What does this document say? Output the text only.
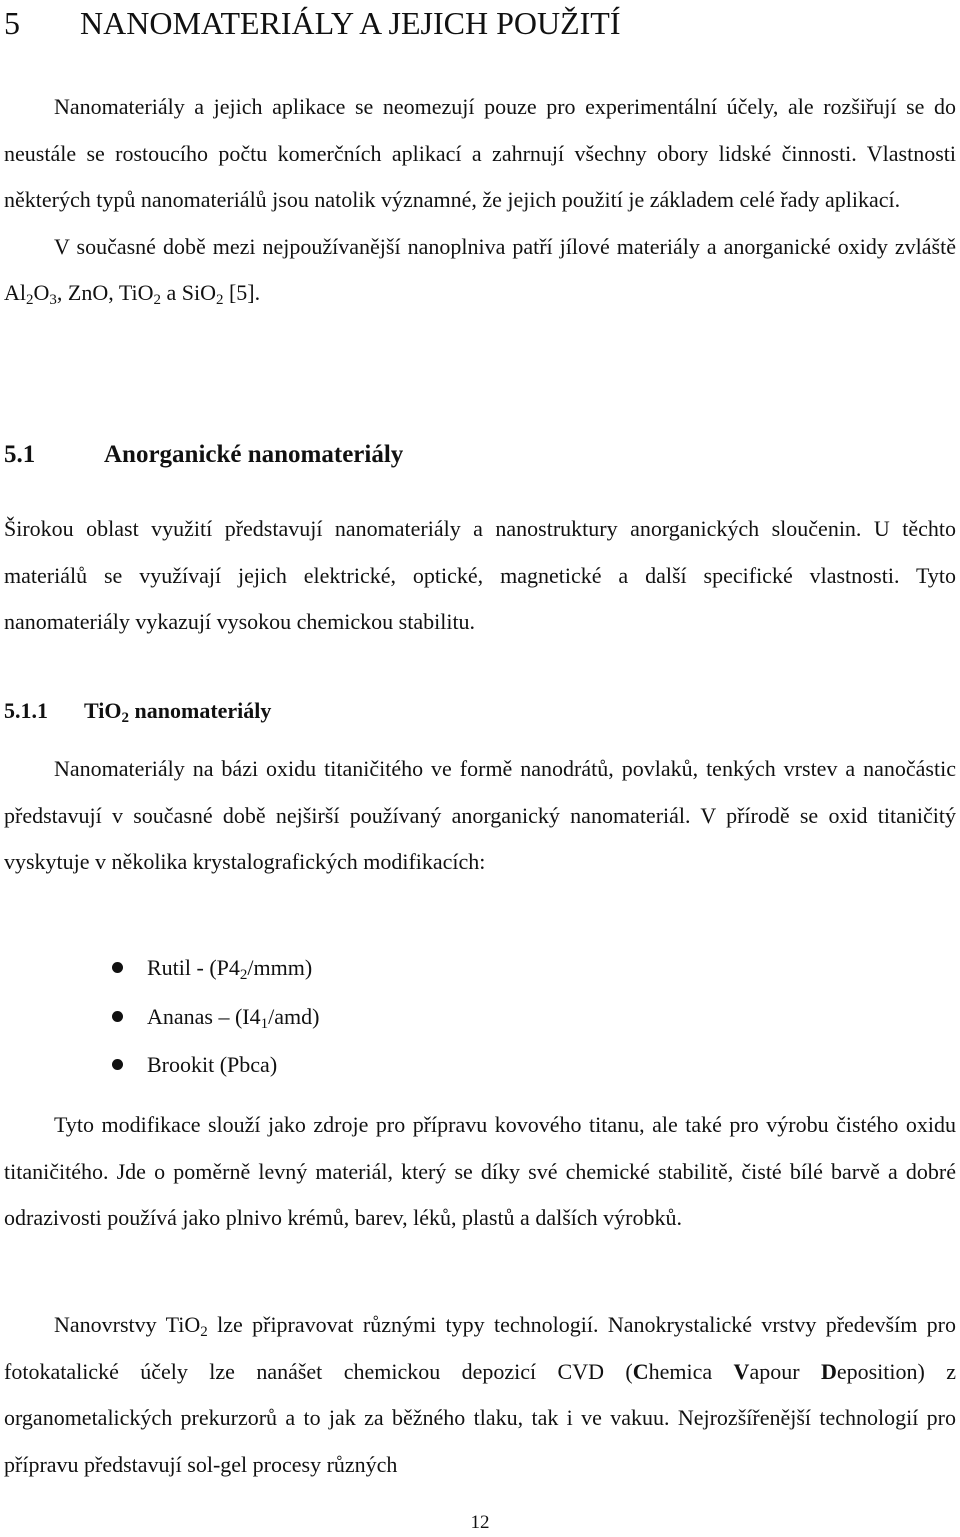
5 NANOMATERIÁLY A JEJICH POUŽITÍ

Nanomateriály a jejich aplikace se neomezují pouze pro experimentální účely, ale rozšiřují se do neustále se rostoucího počtu komerčních aplikací a zahrnují všechny obory lidské činnosti. Vlastnosti některých typů nanomateriálů jsou natolik významné, že jejich použití je základem celé řady aplikací.

V současné době mezi nejpoužívanější nanoplniva patří jílové materiály a anorganické oxidy zvláště $Al_2O_3$, ZnO, TiO$_2$ a SiO$_2$ [5].

5.1	Anorganické nanomateriály

Širokou oblast využití představují nanomateriály a nanostruktury anorganických sloučenin. U těchto materiálů se využívají jejich elektrické, optické, magnetické a další specifické vlastnosti. Tyto nanomateriály vykazují vysokou chemickou stabilitu.

5.1.1 TiO$_2$ nanomateriály

Nanomateriály na bázi oxidu titaničitého ve formě nanodrátů, povlaků, tenkých vrstev a nanočástic představují v současné době nejširší používaný anorganický nanomateriál. V přírodě se oxid titaničitý vyskytuje v několika krystalografických modifikacích:

Rutil - $(P4_2/mmm)$
Ananas – $(I4_1/amd)$
Brookit (Pbca)

Tyto modifikace slouží jako zdroje pro přípravu kovového titanu, ale také pro výrobu čistého oxidu titaničitého. Jde o poměrně levný materiál, který se díky své chemické stabilitě, čisté bílé barvě a dobré odrazivosti používá jako plnivo krémů, barev, léků, plastů a dalších výrobků.

Nanovrstvy TiO$_2$ lze připravovat různými typy technologií. Nanokrystalické vrstvy především pro fotokatalické účely lze nanášet chemickou depozicí CVD (Chemica Vapour Deposition) z organometalických prekurzorů a to jak za běžného tlaku, tak i ve vakuu. Nejrozšířenější technologií pro přípravu představují sol-gel procesy různých

12
